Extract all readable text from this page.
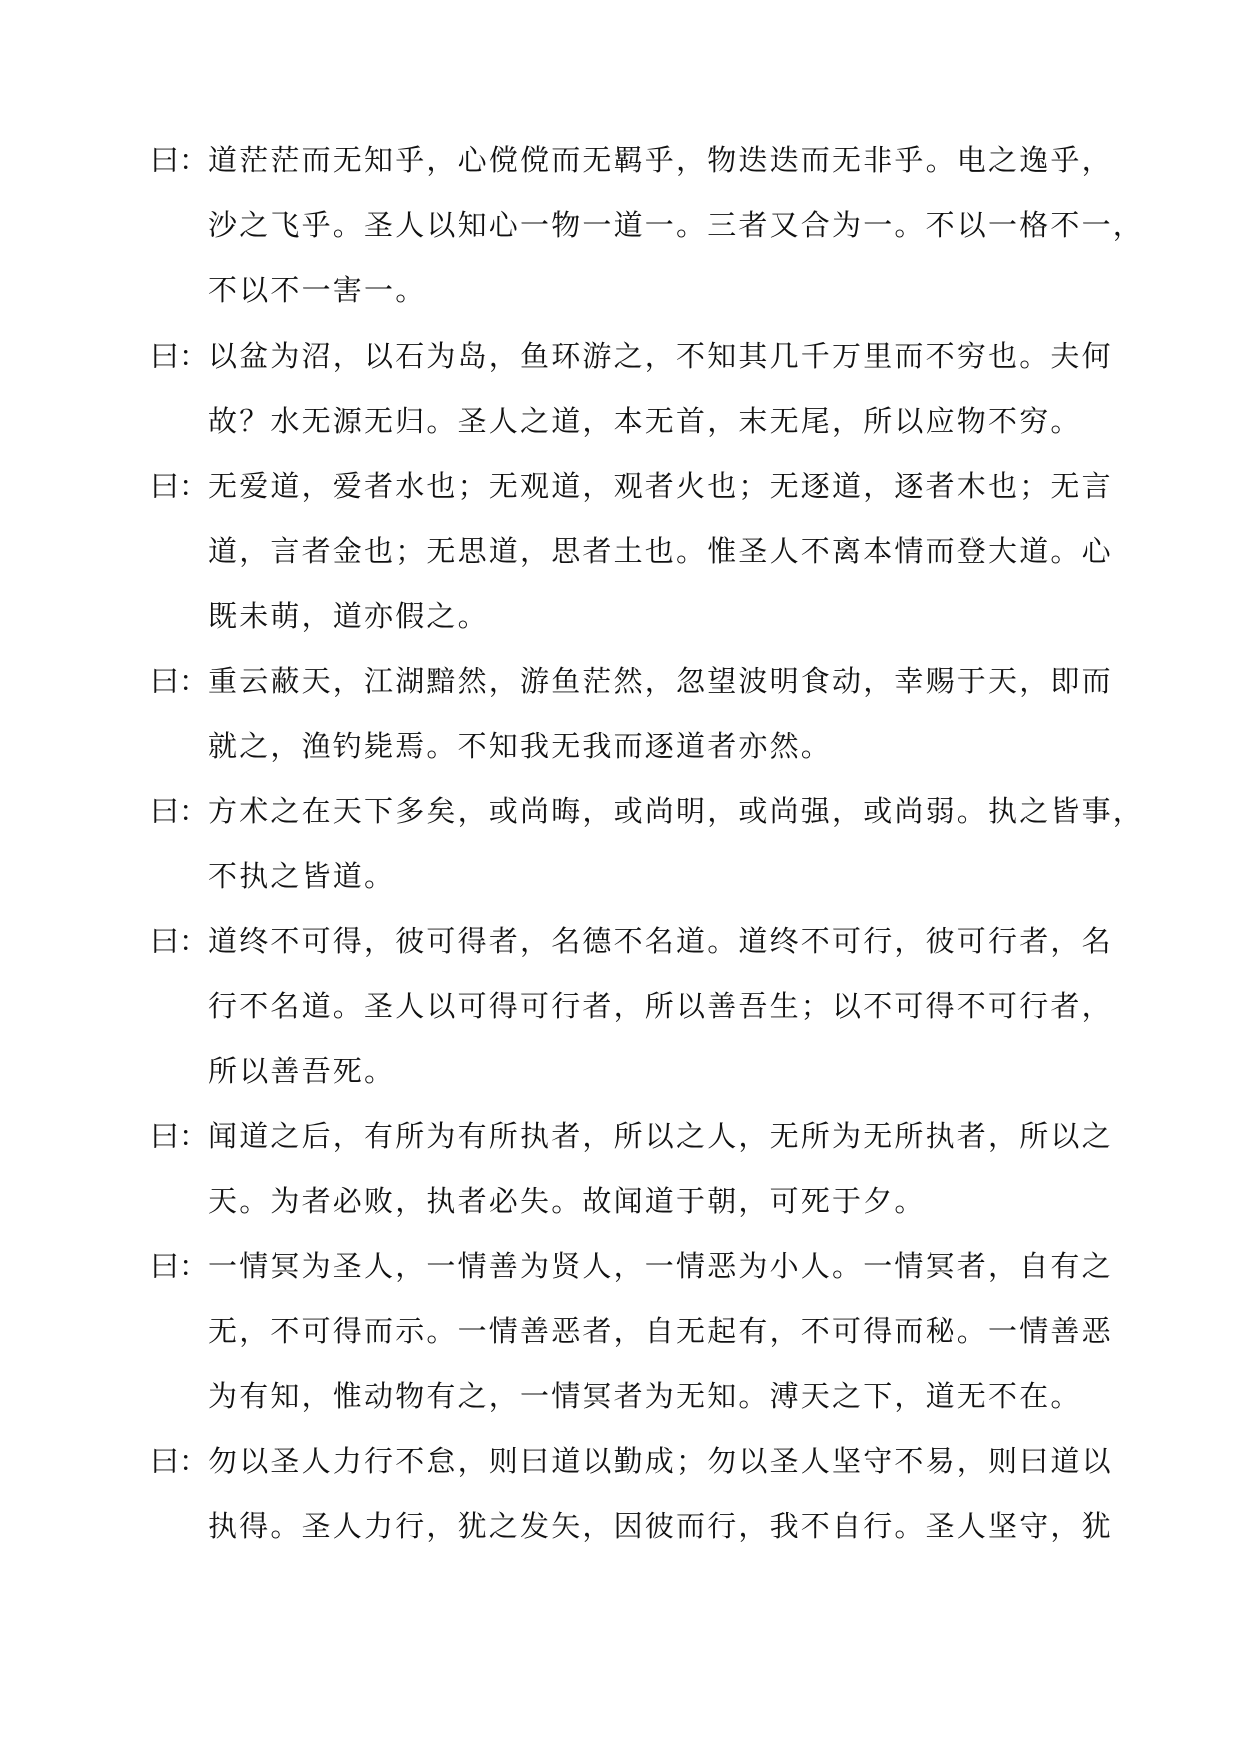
曰： 道茫茫而无知乎，心傥傥而无羁乎，物迭迭而无非乎。电之逸乎，
沙之飞乎。圣人以知心一物一道一。三者又合为一。不以一格不一，
不以不一害一。
曰： 以盆为沼，以石为岛，鱼环游之，不知其几千万里而不穷也。夫何
故？水无源无归。圣人之道，本无首，末无尾，所以应物不穷。
曰： 无爱道，爱者水也；无观道，观者火也；无逐道，逐者木也；无言
道，言者金也；无思道，思者土也。惟圣人不离本情而登大道。心
既未萌，道亦假之。
曰： 重云蔽天，江湖黯然，游鱼茫然，忽望波明食动，幸赐于天，即而
就之，渔钓毙焉。不知我无我而逐道者亦然。
曰： 方术之在天下多矣，或尚晦，或尚明，或尚强，或尚弱。执之皆事，
不执之皆道。
曰： 道终不可得，彼可得者，名德不名道。道终不可行，彼可行者，名
行不名道。圣人以可得可行者，所以善吾生；以不可得不可行者，
所以善吾死。
曰： 闻道之后，有所为有所执者，所以之人，无所为无所执者，所以之
天。为者必败，执者必失。故闻道于朝，可死于夕。
曰： 一情冥为圣人，一情善为贤人，一情恶为小人。一情冥者，自有之
无，不可得而示。一情善恶者，自无起有，不可得而秘。一情善恶
为有知，惟动物有之，一情冥者为无知。溥天之下，道无不在。
曰： 勿以圣人力行不怠，则曰道以勤成；勿以圣人坚守不易，则曰道以
执得。圣人力行，犹之发矢，因彼而行，我不自行。圣人坚守，犹
